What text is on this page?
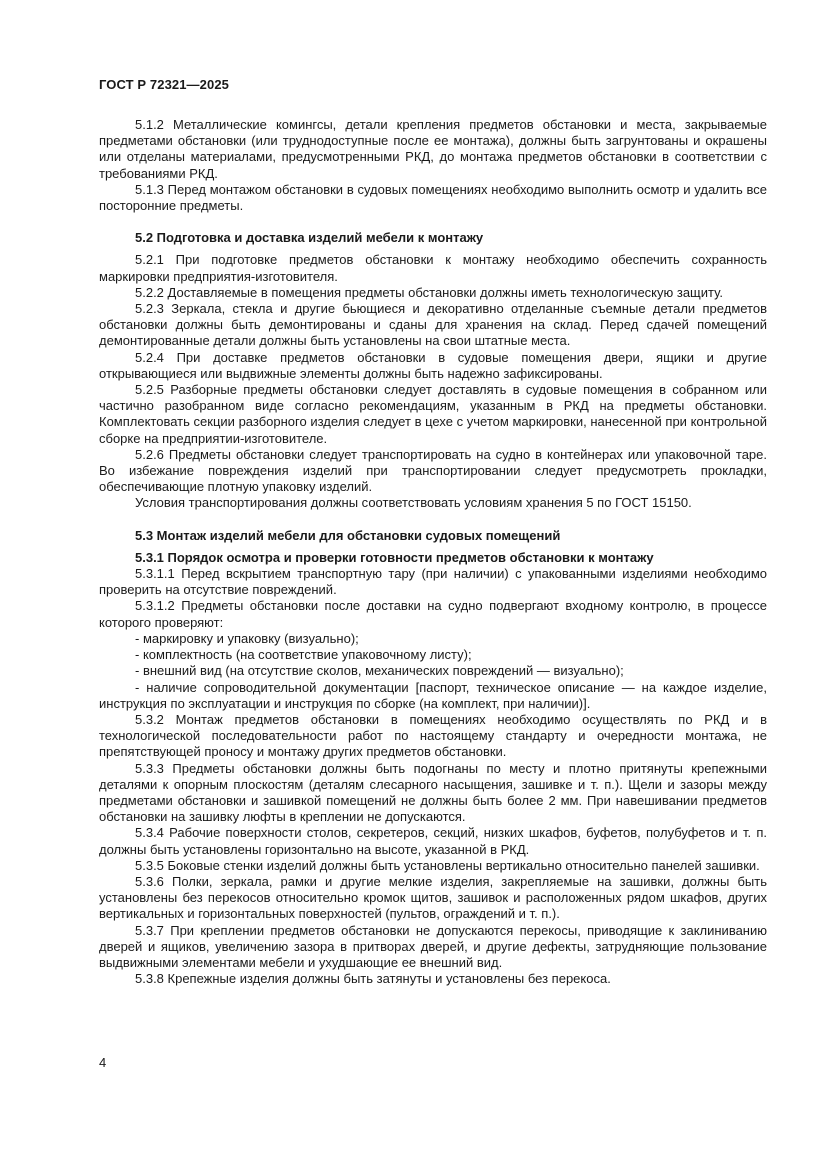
ГОСТ Р 72321—2025

5.1.2 Металлические комингсы, детали крепления предметов обстановки и места, закрываемые предметами обстановки (или труднодоступные после ее монтажа), должны быть загрунтованы и окрашены или отделаны материалами, предусмотренными РКД, до монтажа предметов обстановки в соответствии с требованиями РКД.

5.1.3 Перед монтажом обстановки в судовых помещениях необходимо выполнить осмотр и удалить все посторонние предметы.

5.2 Подготовка и доставка изделий мебели к монтажу

5.2.1 При подготовке предметов обстановки к монтажу необходимо обеспечить сохранность маркировки предприятия-изготовителя.

5.2.2 Доставляемые в помещения предметы обстановки должны иметь технологическую защиту.

5.2.3 Зеркала, стекла и другие бьющиеся и декоративно отделанные съемные детали предметов обстановки должны быть демонтированы и сданы для хранения на склад. Перед сдачей помещений демонтированные детали должны быть установлены на свои штатные места.

5.2.4 При доставке предметов обстановки в судовые помещения двери, ящики и другие открывающиеся или выдвижные элементы должны быть надежно зафиксированы.

5.2.5 Разборные предметы обстановки следует доставлять в судовые помещения в собранном или частично разобранном виде согласно рекомендациям, указанным в РКД на предметы обстановки. Комплектовать секции разборного изделия следует в цехе с учетом маркировки, нанесенной при контрольной сборке на предприятии-изготовителе.

5.2.6 Предметы обстановки следует транспортировать на судно в контейнерах или упаковочной таре. Во избежание повреждения изделий при транспортировании следует предусмотреть прокладки, обеспечивающие плотную упаковку изделий.

Условия транспортирования должны соответствовать условиям хранения 5 по ГОСТ 15150.

5.3 Монтаж изделий мебели для обстановки судовых помещений

5.3.1 Порядок осмотра и проверки готовности предметов обстановки к монтажу

5.3.1.1 Перед вскрытием транспортную тару (при наличии) с упакованными изделиями необходимо проверить на отсутствие повреждений.

5.3.1.2 Предметы обстановки после доставки на судно подвергают входному контролю, в процессе которого проверяют:

- маркировку и упаковку (визуально);

- комплектность (на соответствие упаковочному листу);

- внешний вид (на отсутствие сколов, механических повреждений — визуально);

- наличие сопроводительной документации [паспорт, техническое описание — на каждое изделие, инструкция по эксплуатации и инструкция по сборке (на комплект, при наличии)].

5.3.2 Монтаж предметов обстановки в помещениях необходимо осуществлять по РКД и в технологической последовательности работ по настоящему стандарту и очередности монтажа, не препятствующей проносу и монтажу других предметов обстановки.

5.3.3 Предметы обстановки должны быть подогнаны по месту и плотно притянуты крепежными деталями к опорным плоскостям (деталям слесарного насыщения, зашивке и т. п.). Щели и зазоры между предметами обстановки и зашивкой помещений не должны быть более 2 мм. При навешивании предметов обстановки на зашивку люфты в креплении не допускаются.

5.3.4 Рабочие поверхности столов, секретеров, секций, низких шкафов, буфетов, полубуфетов и т. п. должны быть установлены горизонтально на высоте, указанной в РКД.

5.3.5 Боковые стенки изделий должны быть установлены вертикально относительно панелей зашивки.

5.3.6 Полки, зеркала, рамки и другие мелкие изделия, закрепляемые на зашивки, должны быть установлены без перекосов относительно кромок щитов, зашивок и расположенных рядом шкафов, других вертикальных и горизонтальных поверхностей (пультов, ограждений и т. п.).

5.3.7 При креплении предметов обстановки не допускаются перекосы, приводящие к заклиниванию дверей и ящиков, увеличению зазора в притворах дверей, и другие дефекты, затрудняющие пользование выдвижными элементами мебели и ухудшающие ее внешний вид.

5.3.8 Крепежные изделия должны быть затянуты и установлены без перекоса.

4
